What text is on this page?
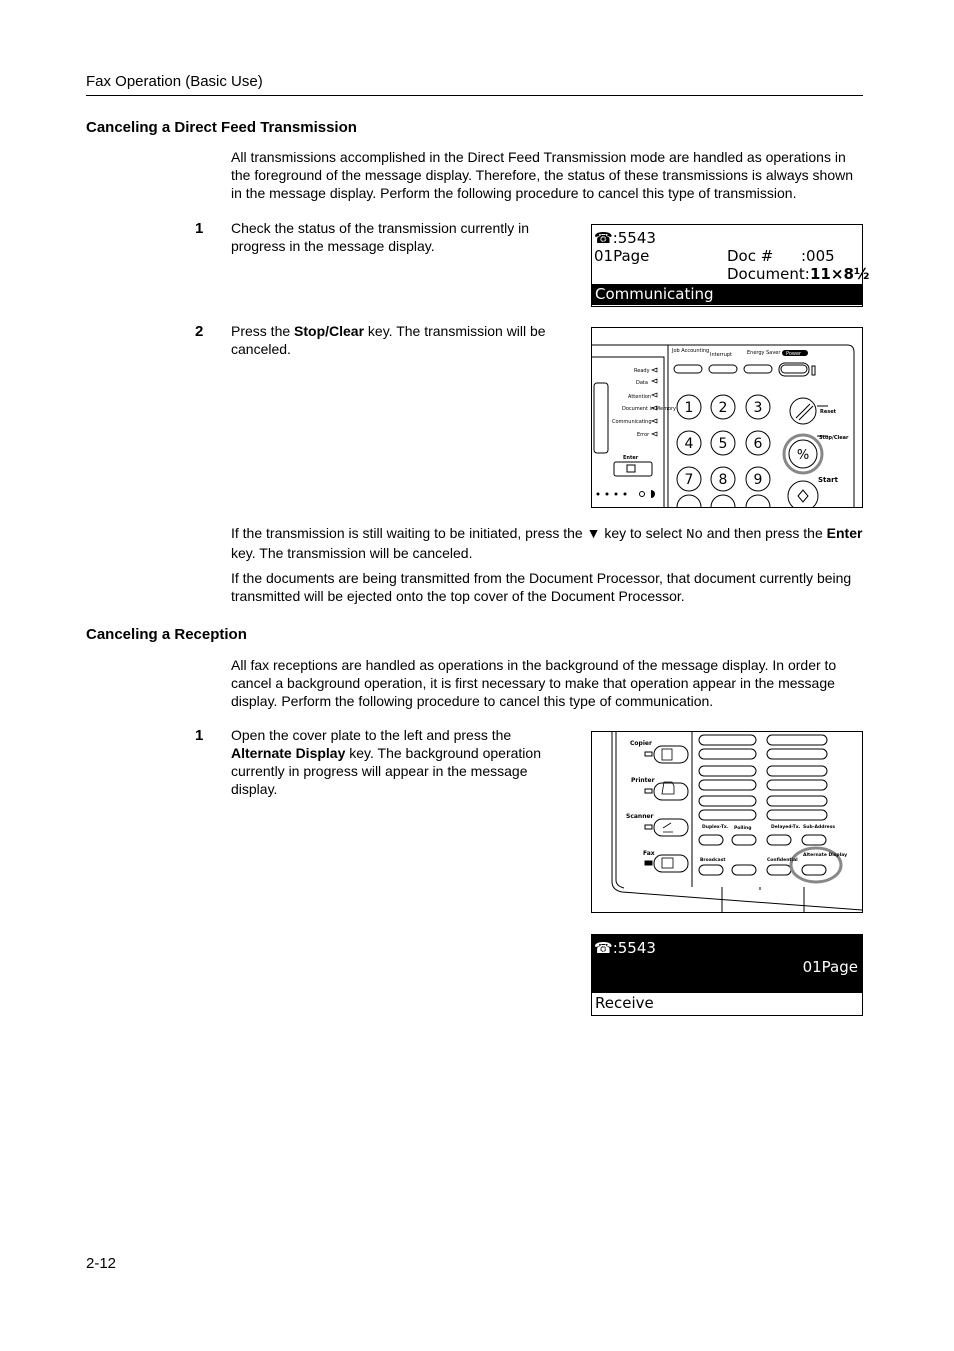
Fax Operation (Basic Use)
Canceling a Direct Feed Transmission
All transmissions accomplished in the Direct Feed Transmission mode are handled as operations in the foreground of the message display. Therefore, the status of these transmissions is always shown in the message display. Perform the following procedure to cancel this type of transmission.
1 Check the status of the transmission currently in progress in the message display.	☎:5543
01Page	Doc # :005
Document: 11×8½
Communicating
2 Press the Stop/Clear key. The transmission will be canceled.	Job Accounting
Interrupt	Energy Saver Power
Ready
Data
Attention
Document in Memory
Communicating
Error
Enter
Reset
Stop/Clear
Start
1 2 3
4 5 6
7 8 9
%
If the transmission is still waiting to be initiated, press the ▼ key to select No and then press the Enter key. The transmission will be canceled.
If the documents are being transmitted from the Document Processor, that document currently being transmitted will be ejected onto the top cover of the Document Processor.
Canceling a Reception
All fax receptions are handled as operations in the background of the message display. In order to cancel a background operation, it is first necessary to make that operation appear in the message display. Perform the following procedure to cancel this type of communication.
1 Open the cover plate to the left and press the Alternate Display key. The background operation currently in progress will appear in the message display.
Copier
Printer
Scanner
Fax
Duplex-Tx. Polling	Delayed-Tx. Sub-Address
Broadcast	Confidential
Alternate Display
☎:5543
01Page
Receive
2-12
